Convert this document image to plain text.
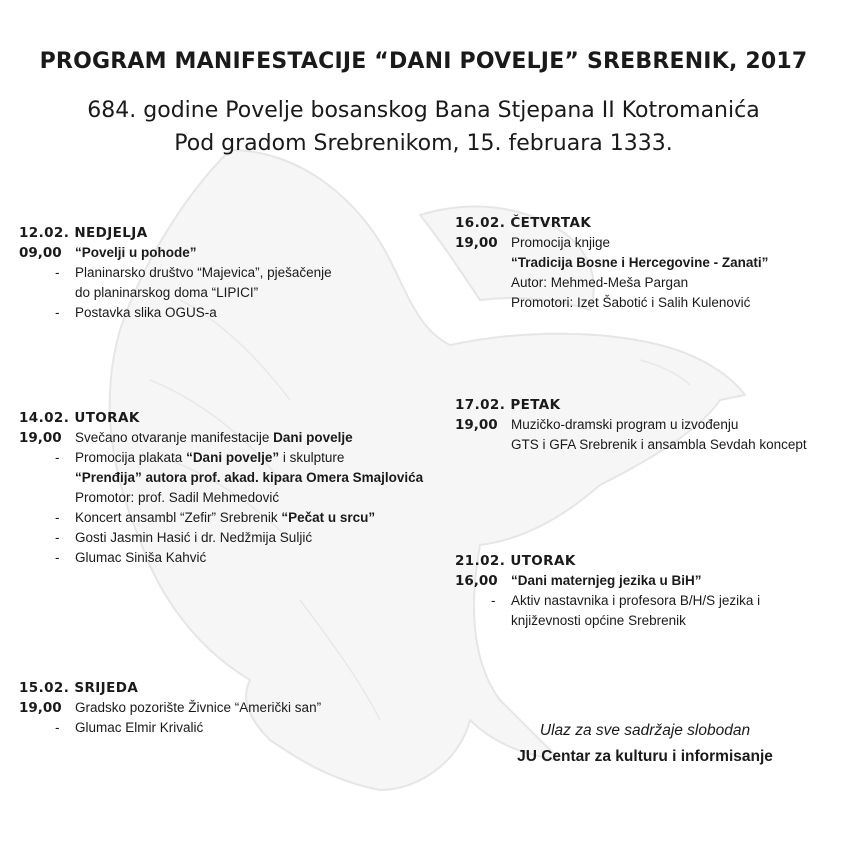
PROGRAM MANIFESTACIJE “DANI POVELJE” SREBRENIK, 2017
684. godine Povelje bosanskog Bana Stjepana II Kotromanića
Pod gradom Srebrenikom, 15. februara 1333.
12.02. NEDJELJA
09,00 “Povelji u pohode”
- Planinarsko društvo “Majevica”, pješačenje
do planinarskog doma “LIPICI”
- Postavka slika OGUS-a
14.02. UTORAK
19,00 Svečano otvaranje manifestacije Dani povelje
- Promocija plakata “Dani povelje” i skulpture
“Prenđija” autora prof. akad. kipara Omera Smajlovića
Promotor: prof. Sadil Mehmedović
- Koncert ansambl “Zefir” Srebrenik “Pečat u srcu”
- Gosti Jasmin Hasić i dr. Nedžmija Suljić
- Glumac Siniša Kahvić
15.02. SRIJEDA
19,00 Gradsko pozorište Živnice “Američki san”
- Glumac Elmir Krivalić
16.02. ČETVRTAK
19,00 Promocija knjige
“Tradicija Bosne i Hercegovine - Zanati”
Autor: Mehmed-Meša Pargan
Promotori: Izet Šabotić i Salih Kulenović
17.02. PETAK
19,00 Muzičko-dramski program u izvođenju
GTS i GFA Srebrenik i ansambla Sevdah koncept
21.02. UTORAK
16,00 “Dani maternjeg jezika u BiH”
- Aktiv nastavnika i profesora B/H/S jezika i
književnosti općine Srebrenik
Ulaz za sve sadržaje slobodan
JU Centar za kulturu i informisanje
